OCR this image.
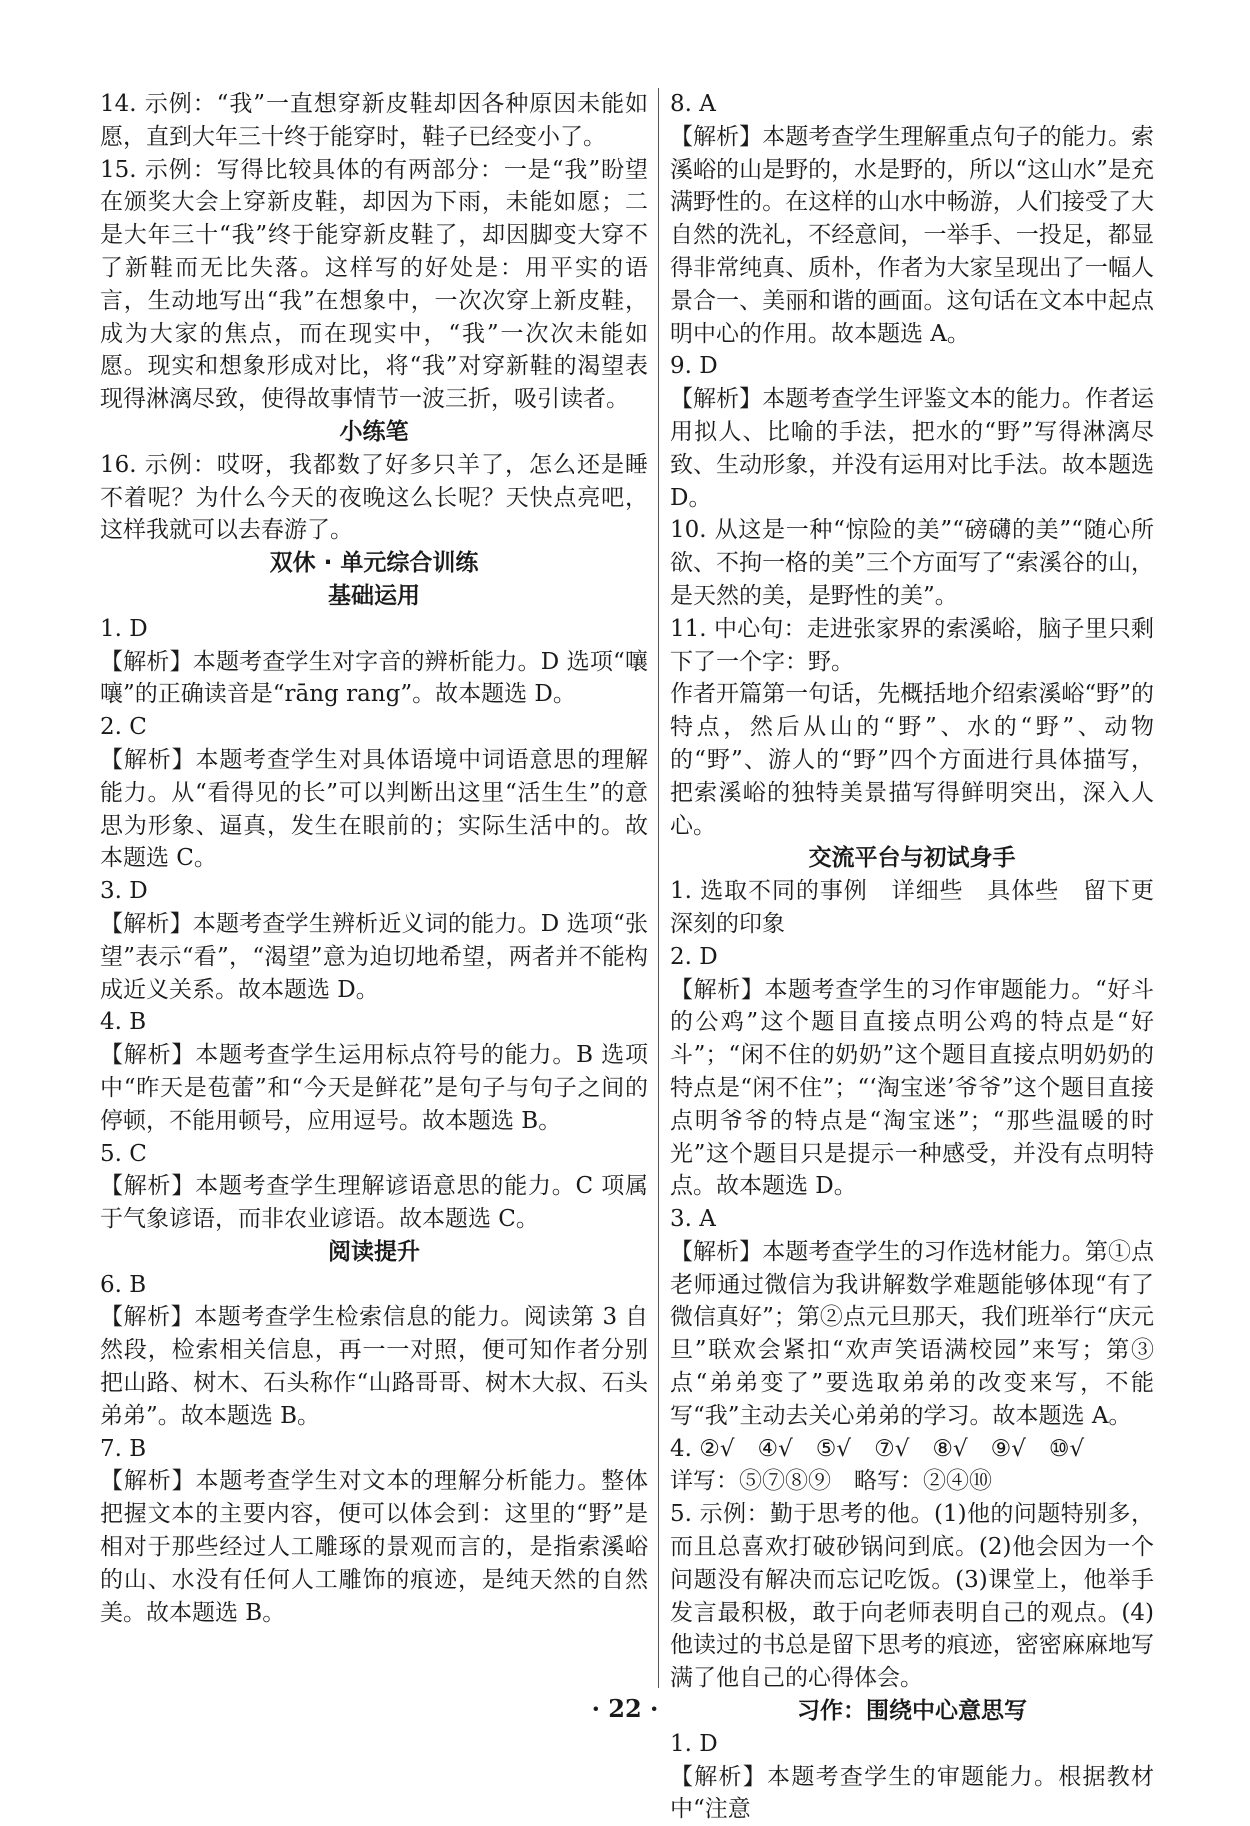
14. 示例：“我”一直想穿新皮鞋却因各种原因未能如愿，直到大年三十终于能穿时，鞋子已经变小了。
15. 示例：写得比较具体的有两部分：一是“我”盼望在颁奖大会上穿新皮鞋，却因为下雨，未能如愿；二是大年三十“我”终于能穿新皮鞋了，却因脚变大穿不了新鞋而无比失落。这样写的好处是：用平实的语言，生动地写出“我”在想象中，一次次穿上新皮鞋，成为大家的焦点，而在现实中，“我”一次次未能如愿。现实和想象形成对比，将“我”对穿新鞋的渴望表现得淋漓尽致，使得故事情节一波三折，吸引读者。
小练笔
16. 示例：哎呀，我都数了好多只羊了，怎么还是睡不着呢？为什么今天的夜晚这么长呢？天快点亮吧，这样我就可以去春游了。
双休 · 单元综合训练
基础运用
1. D
【解析】本题考查学生对字音的辨析能力。D 选项“嚷嚷”的正确读音是“rāng rang”。故本题选 D。
2. C
【解析】本题考查学生对具体语境中词语意思的理解能力。从“看得见的长”可以判断出这里“活生生”的意思为形象、逼真，发生在眼前的；实际生活中的。故本题选 C。
3. D
【解析】本题考查学生辨析近义词的能力。D 选项“张望”表示“看”，“渴望”意为迫切地希望，两者并不能构成近义关系。故本题选 D。
4. B
【解析】本题考查学生运用标点符号的能力。B 选项中“昨天是苞蕾”和“今天是鲜花”是句子与句子之间的停顿，不能用顿号，应用逗号。故本题选 B。
5. C
【解析】本题考查学生理解谚语意思的能力。C 项属于气象谚语，而非农业谚语。故本题选 C。
阅读提升
6. B
【解析】本题考查学生检索信息的能力。阅读第 3 自然段，检索相关信息，再一一对照，便可知作者分别把山路、树木、石头称作“山路哥哥、树木大叔、石头弟弟”。故本题选 B。
7. B
【解析】本题考查学生对文本的理解分析能力。整体把握文本的主要内容，便可以体会到：这里的“野”是相对于那些经过人工雕琢的景观而言的，是指索溪峪的山、水没有任何人工雕饰的痕迹，是纯天然的自然美。故本题选 B。
8. A
【解析】本题考查学生理解重点句子的能力。索溪峪的山是野的，水是野的，所以“这山水”是充满野性的。在这样的山水中畅游，人们接受了大自然的洗礼，不经意间，一举手、一投足，都显得非常纯真、质朴，作者为大家呈现出了一幅人景合一、美丽和谐的画面。这句话在文本中起点明中心的作用。故本题选 A。
9. D
【解析】本题考查学生评鉴文本的能力。作者运用拟人、比喻的手法，把水的“野”写得淋漓尽致、生动形象，并没有运用对比手法。故本题选 D。
10. 从这是一种“惊险的美”“磅礴的美”“随心所欲、不拘一格的美”三个方面写了“索溪谷的山，是天然的美，是野性的美”。
11. 中心句：走进张家界的索溪峪，脑子里只剩下了一个字：野。
作者开篇第一句话，先概括地介绍索溪峪“野”的特点，然后从山的“野”、水的“野”、动物的“野”、游人的“野”四个方面进行具体描写，把索溪峪的独特美景描写得鲜明突出，深入人心。
交流平台与初试身手
1. 选取不同的事例　详细些　具体些　留下更深刻的印象
2. D
【解析】本题考查学生的习作审题能力。“好斗的公鸡”这个题目直接点明公鸡的特点是“好斗”；“闲不住的奶奶”这个题目直接点明奶奶的特点是“闲不住”；“‘淘宝迷’爷爷”这个题目直接点明爷爷的特点是“淘宝迷”；“那些温暖的时光”这个题目只是提示一种感受，并没有点明特点。故本题选 D。
3. A
【解析】本题考查学生的习作选材能力。第①点老师通过微信为我讲解数学难题能够体现“有了微信真好”；第②点元旦那天，我们班举行“庆元旦”联欢会紧扣“欢声笑语满校园”来写；第③点“弟弟变了”要选取弟弟的改变来写，不能写“我”主动去关心弟弟的学习。故本题选 A。
4. ②√　④√　⑤√　⑦√　⑧√　⑨√　⑩√
详写：⑤⑦⑧⑨　略写：②④⑩
5. 示例：勤于思考的他。(1)他的问题特别多，而且总喜欢打破砂锅问到底。(2)他会因为一个问题没有解决而忘记吃饭。(3)课堂上，他举手发言最积极，敢于向老师表明自己的观点。(4)他读过的书总是留下思考的痕迹，密密麻麻地写满了他自己的心得体会。
习作：围绕中心意思写
1. D
【解析】本题考查学生的审题能力。根据教材中“注意
· 22 ·
